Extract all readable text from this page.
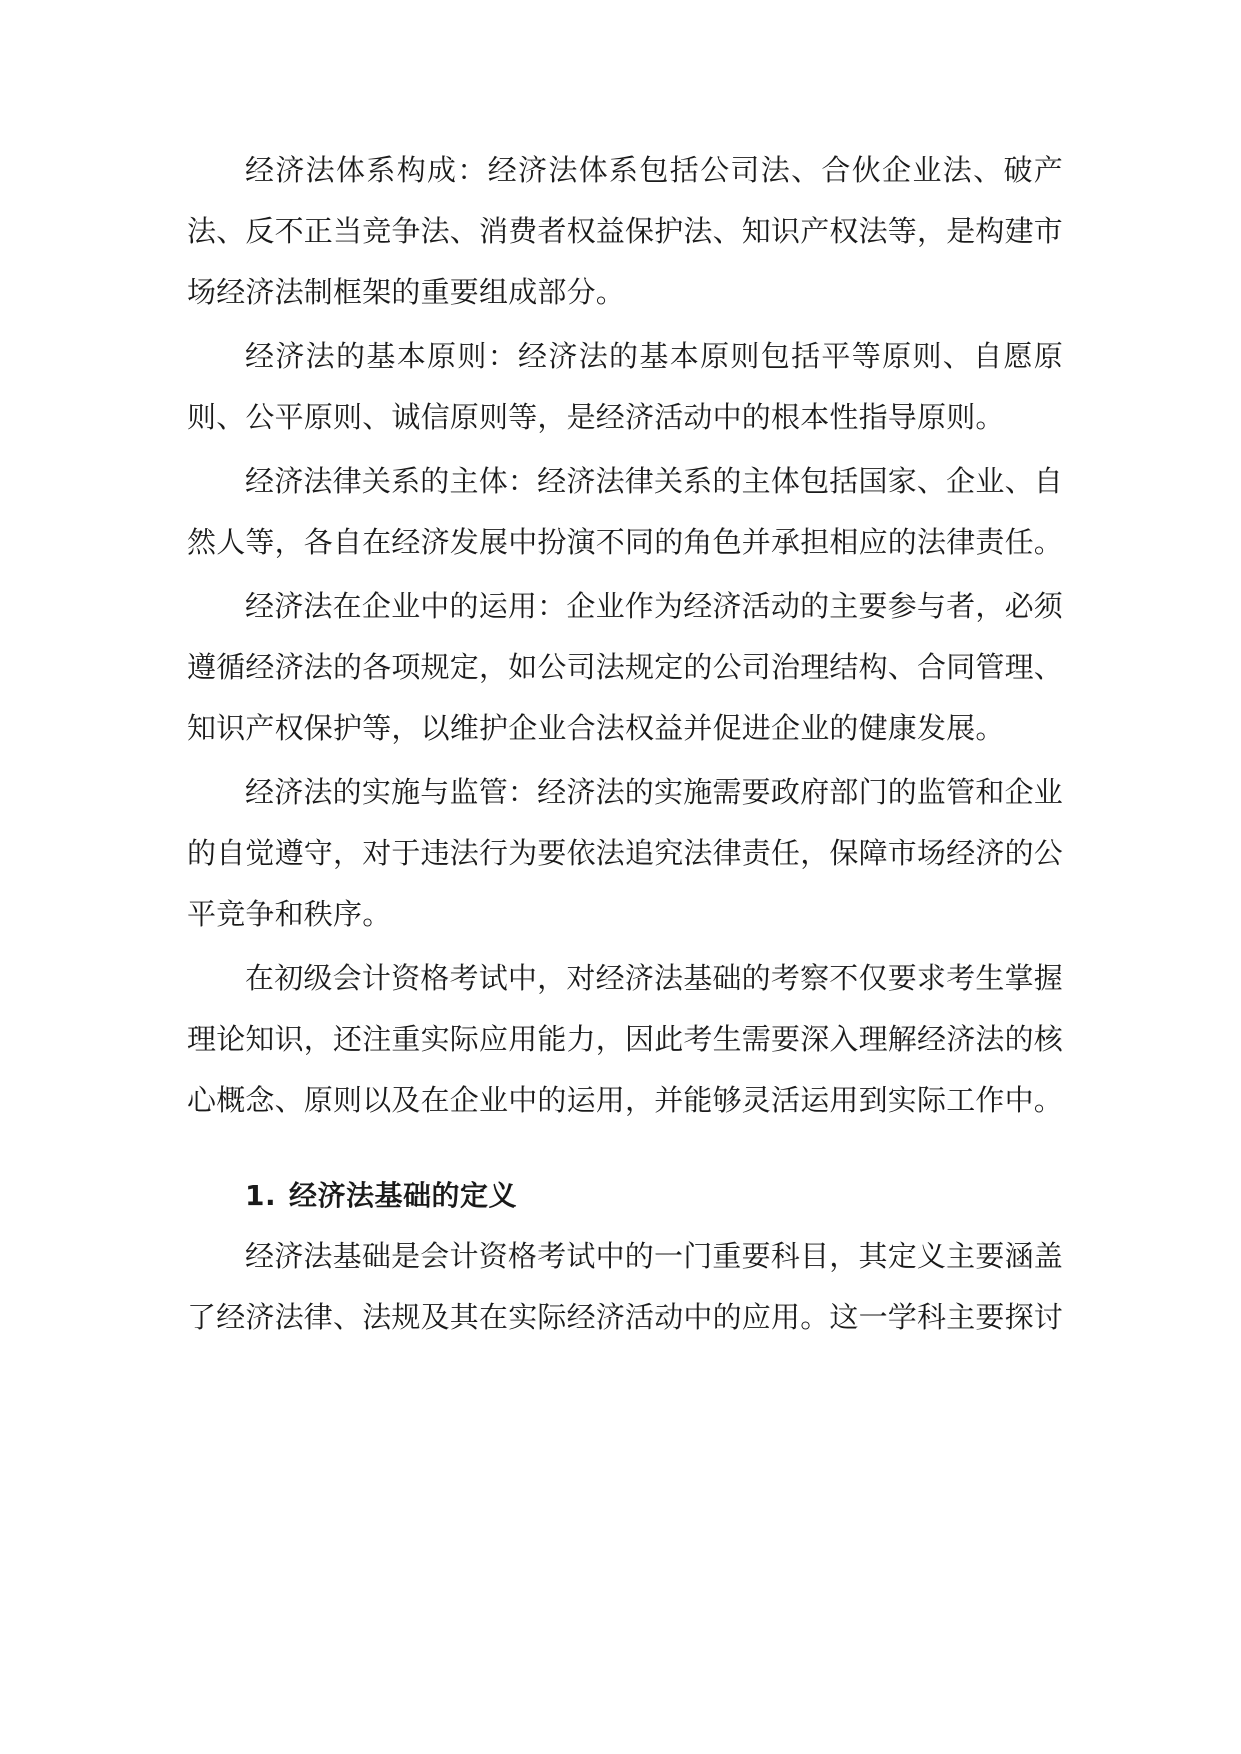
经济法体系构成：经济法体系包括公司法、合伙企业法、破产法、反不正当竞争法、消费者权益保护法、知识产权法等，是构建市场经济法制框架的重要组成部分。

经济法的基本原则：经济法的基本原则包括平等原则、自愿原则、公平原则、诚信原则等，是经济活动中的根本性指导原则。

经济法律关系的主体：经济法律关系的主体包括国家、企业、自然人等，各自在经济发展中扮演不同的角色并承担相应的法律责任。

经济法在企业中的运用：企业作为经济活动的主要参与者，必须遵循经济法的各项规定，如公司法规定的公司治理结构、合同管理、知识产权保护等，以维护企业合法权益并促进企业的健康发展。

经济法的实施与监管：经济法的实施需要政府部门的监管和企业的自觉遵守，对于违法行为要依法追究法律责任，保障市场经济的公平竞争和秩序。

在初级会计资格考试中，对经济法基础的考察不仅要求考生掌握理论知识，还注重实际应用能力，因此考生需要深入理解经济法的核心概念、原则以及在企业中的运用，并能够灵活运用到实际工作中。

1. 经济法基础的定义

经济法基础是会计资格考试中的一门重要科目，其定义主要涵盖了经济法律、法规及其在实际经济活动中的应用。这一学科主要探讨
